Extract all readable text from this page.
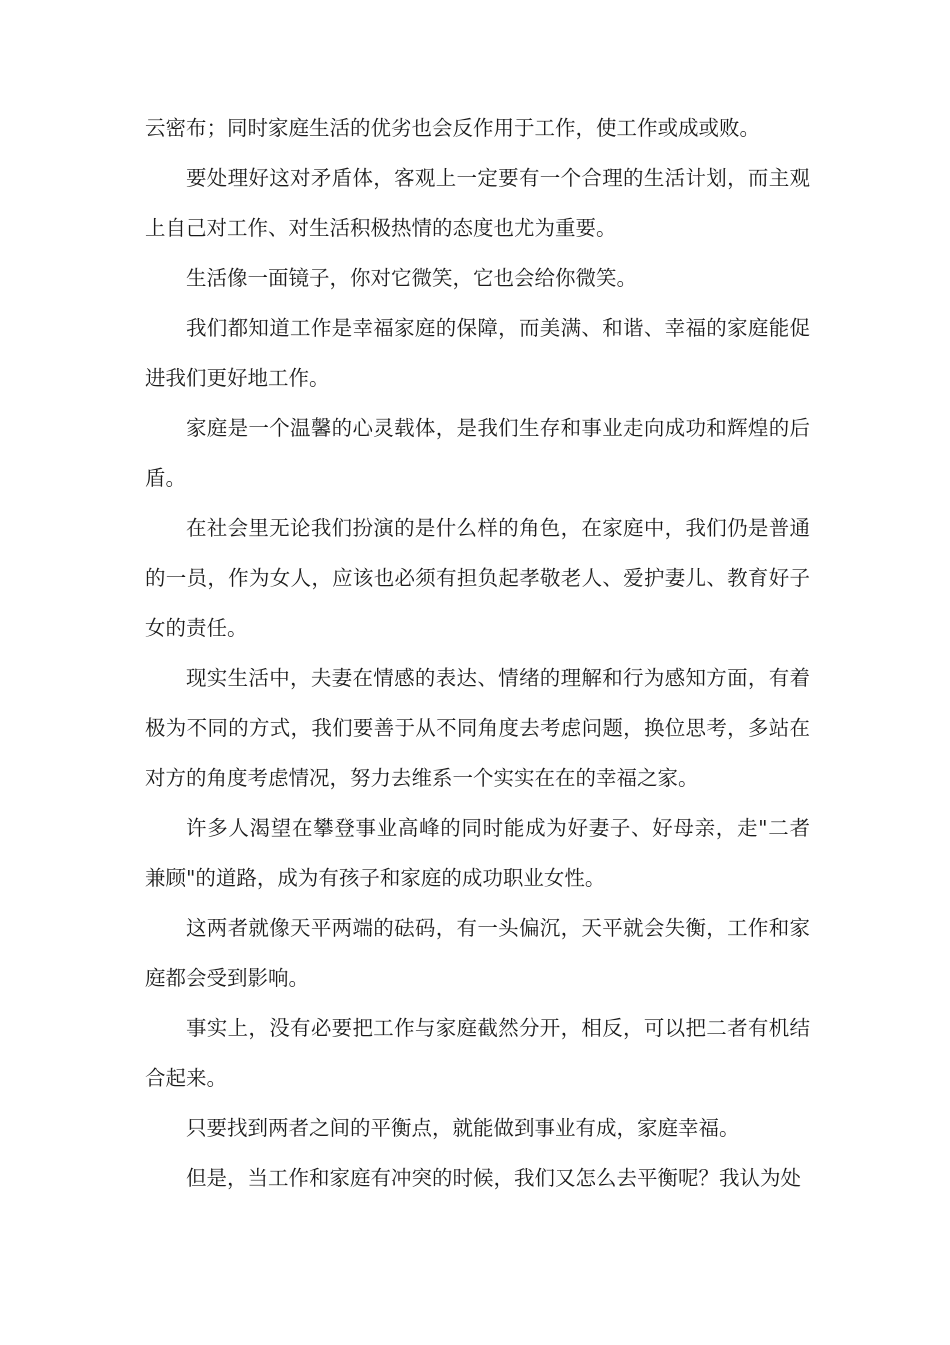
云密布；同时家庭生活的优劣也会反作用于工作，使工作或成或败。

要处理好这对矛盾体，客观上一定要有一个合理的生活计划，而主观上自己对工作、对生活积极热情的态度也尤为重要。

生活像一面镜子，你对它微笑，它也会给你微笑。

我们都知道工作是幸福家庭的保障，而美满、和谐、幸福的家庭能促进我们更好地工作。

家庭是一个温馨的心灵载体，是我们生存和事业走向成功和辉煌的后盾。

在社会里无论我们扮演的是什么样的角色，在家庭中，我们仍是普通的一员，作为女人，应该也必须有担负起孝敬老人、爱护妻儿、教育好子女的责任。

现实生活中，夫妻在情感的表达、情绪的理解和行为感知方面，有着极为不同的方式，我们要善于从不同角度去考虑问题，换位思考，多站在对方的角度考虑情况，努力去维系一个实实在在的幸福之家。

许多人渴望在攀登事业高峰的同时能成为好妻子、好母亲，走"二者兼顾"的道路，成为有孩子和家庭的成功职业女性。

这两者就像天平两端的砝码，有一头偏沉，天平就会失衡，工作和家庭都会受到影响。

事实上，没有必要把工作与家庭截然分开，相反，可以把二者有机结合起来。

只要找到两者之间的平衡点，就能做到事业有成，家庭幸福。

但是，当工作和家庭有冲突的时候，我们又怎么去平衡呢？我认为处
